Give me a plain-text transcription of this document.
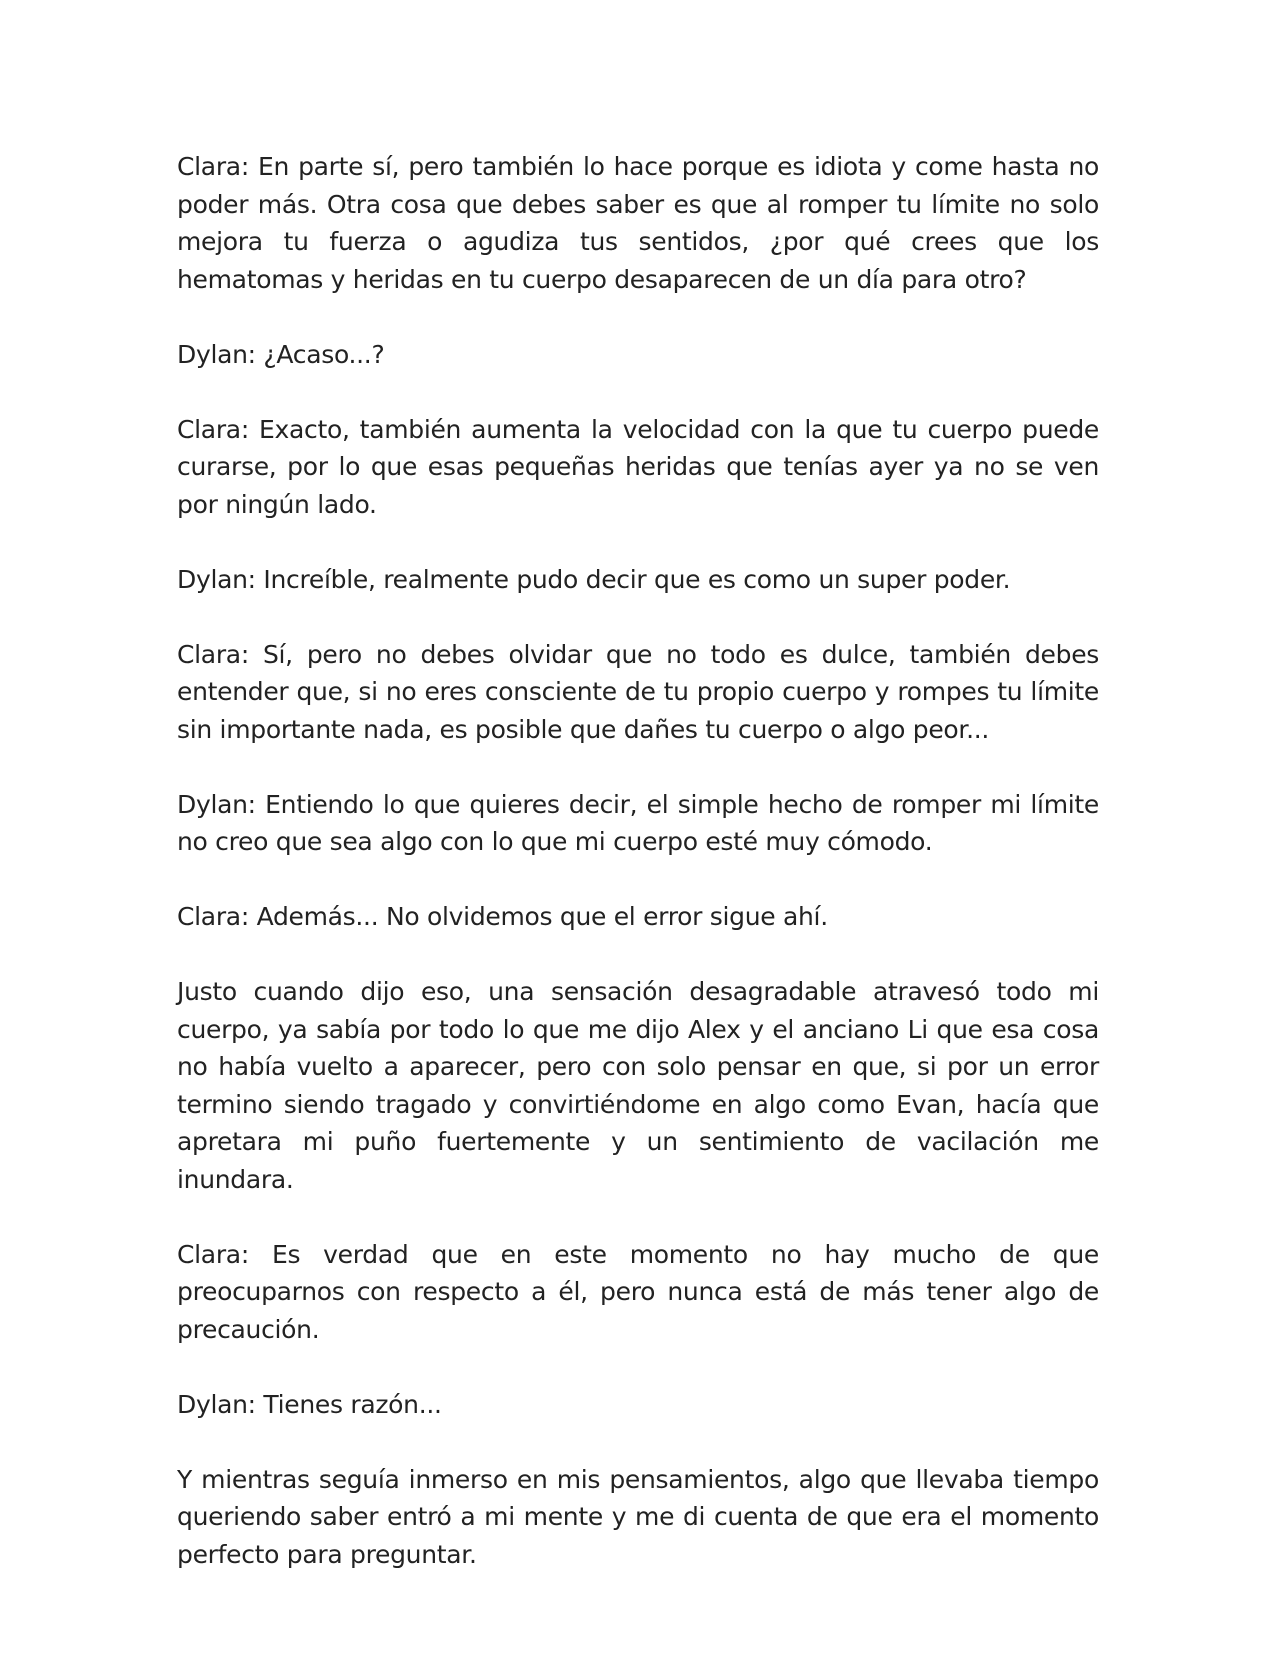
Clara: En parte sí, pero también lo hace porque es idiota y come hasta no poder más. Otra cosa que debes saber es que al romper tu límite no solo mejora tu fuerza o agudiza tus sentidos, ¿por qué crees que los hematomas y heridas en tu cuerpo desaparecen de un día para otro?

Dylan: ¿Acaso...?

Clara: Exacto, también aumenta la velocidad con la que tu cuerpo puede curarse, por lo que esas pequeñas heridas que tenías ayer ya no se ven por ningún lado.

Dylan: Increíble, realmente pudo decir que es como un super poder.

Clara: Sí, pero no debes olvidar que no todo es dulce, también debes entender que, si no eres consciente de tu propio cuerpo y rompes tu límite sin importante nada, es posible que dañes tu cuerpo o algo peor...

Dylan: Entiendo lo que quieres decir, el simple hecho de romper mi límite no creo que sea algo con lo que mi cuerpo esté muy cómodo.

Clara: Además... No olvidemos que el error sigue ahí.

Justo cuando dijo eso, una sensación desagradable atravesó todo mi cuerpo, ya sabía por todo lo que me dijo Alex y el anciano Li que esa cosa no había vuelto a aparecer, pero con solo pensar en que, si por un error termino siendo tragado y convirtiéndome en algo como Evan, hacía que apretara mi puño fuertemente y un sentimiento de vacilación me inundara.

Clara: Es verdad que en este momento no hay mucho de que preocuparnos con respecto a él, pero nunca está de más tener algo de precaución.

Dylan: Tienes razón...

Y mientras seguía inmerso en mis pensamientos, algo que llevaba tiempo queriendo saber entró a mi mente y me di cuenta de que era el momento perfecto para preguntar.
